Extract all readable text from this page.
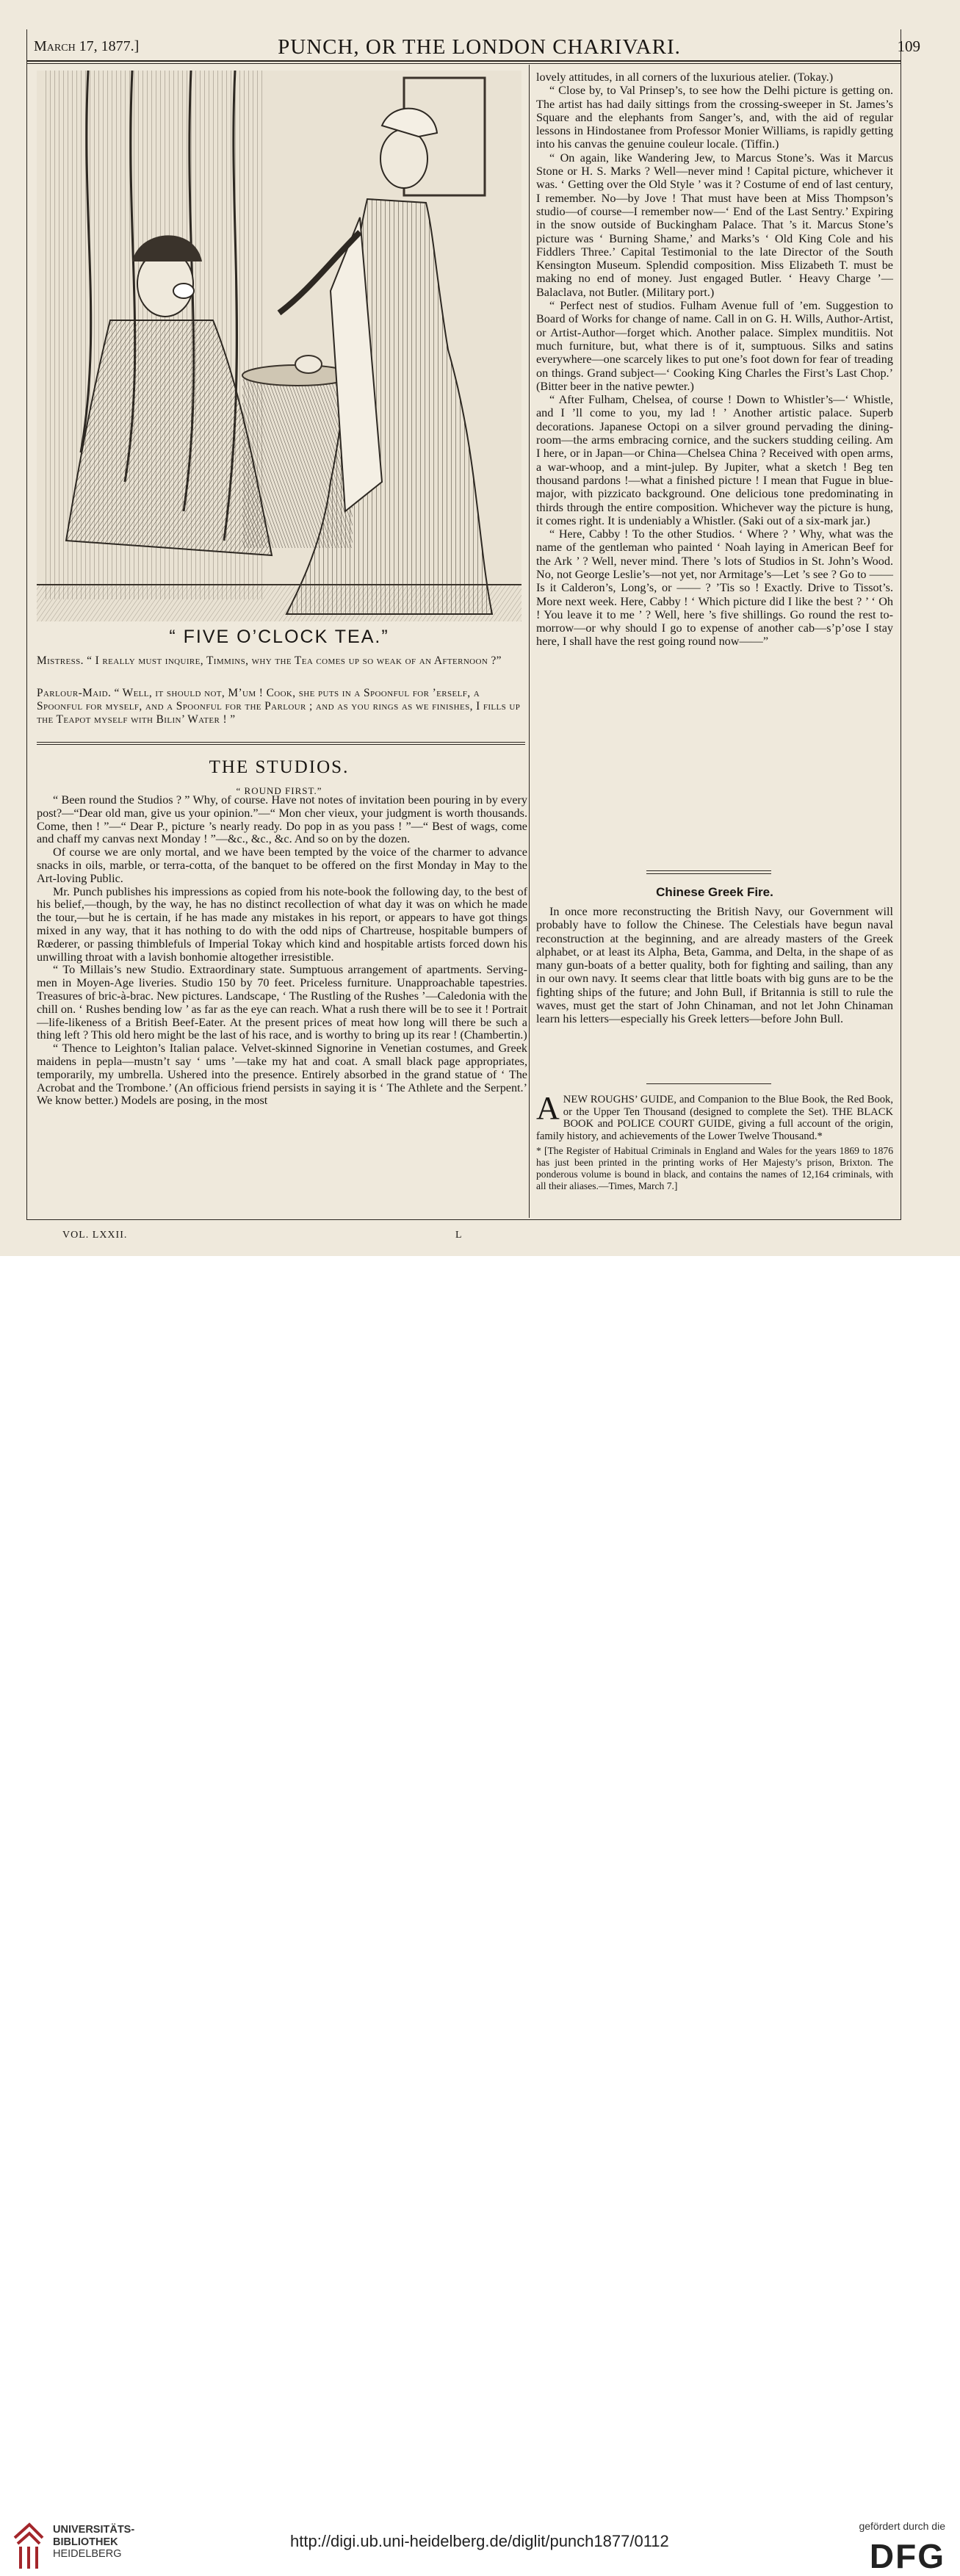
March 17, 1877.]	PUNCH, OR THE LONDON CHARIVARI.	109
“ FIVE O’CLOCK TEA.”
Mistress. “ I really must inquire, Timmins, why the Tea comes up so weak of an Afternoon ?”
Parlour-Maid. “ Well, it should not, M’um ! Cook, she puts in a Spoonful for ’erself, a Spoonful for myself, and a Spoonful for the Parlour ; and as you rings as we finishes, I fills up the Teapot myself with Bilin’ Water ! ”
THE STUDIOS.
“ ROUND FIRST.”

“ Been round the Studios ? ” Why, of course. Have not notes of invitation been pouring in by every post?—“Dear old man, give us your opinion.”—“ Mon cher vieux, your judgment is worth thousands. Come, then ! ”—“ Dear P., picture ’s nearly ready. Do pop in as you pass ! ”—“ Best of wags, come and chaff my canvas next Monday ! ”—&c., &c., &c. And so on by the dozen.

Of course we are only mortal, and we have been tempted by the voice of the charmer to advance snacks in oils, marble, or terra-cotta, of the banquet to be offered on the first Monday in May to the Art-loving Public.

Mr. Punch publishes his impressions as copied from his note-book the following day, to the best of his belief,—though, by the way, he has no distinct recollection of what day it was on which he made the tour,—but he is certain, if he has made any mistakes in his report, or appears to have got things mixed in any way, that it has nothing to do with the odd nips of Chartreuse, hospitable bumpers of Rœderer, or passing thimblefuls of Imperial Tokay which kind and hospitable artists forced down his unwilling throat with a lavish bonhomie altogether irresistible.

“ To Millais’s new Studio. Extraordinary state. Sumptuous arrangement of apartments. Serving-men in Moyen-Age liveries. Studio 150 by 70 feet. Priceless furniture. Unapproachable tapestries. Treasures of bric-à-brac. New pictures. Landscape, ‘ The Rustling of the Rushes ’—Caledonia with the chill on. ‘ Rushes bending low ’ as far as the eye can reach. What a rush there will be to see it ! Portrait—life-likeness of a British Beef-Eater. At the present prices of meat how long will there be such a thing left ? This old hero might be the last of his race, and is worthy to bring up its rear ! (Chambertin.)

“ Thence to Leighton’s Italian palace. Velvet-skinned Signorine in Venetian costumes, and Greek maidens in pepla—mustn’t say ‘ ums ’—take my hat and coat. A small black page appropriates, temporarily, my umbrella. Ushered into the presence. Entirely absorbed in the grand statue of ‘ The Acrobat and the Trombone.’ (An officious friend persists in saying it is ‘ The Athlete and the Serpent.’ We know better.) Models are posing, in the most

lovely attitudes, in all corners of the luxurious atelier. (Tokay.)

“ Close by, to Val Prinsep’s, to see how the Delhi picture is getting on. The artist has had daily sittings from the crossing-sweeper in St. James’s Square and the elephants from Sanger’s, and, with the aid of regular lessons in Hindostanee from Professor Monier Williams, is rapidly getting into his canvas the genuine couleur locale. (Tiffin.)

“ On again, like Wandering Jew, to Marcus Stone’s. Was it Marcus Stone or H. S. Marks ? Well—never mind ! Capital picture, whichever it was. ‘ Getting over the Old Style ’ was it ? Costume of end of last century, I remember. No—by Jove ! That must have been at Miss Thompson’s studio—of course—I remember now—‘ End of the Last Sentry.’ Expiring in the snow outside of Buckingham Palace. That ’s it. Marcus Stone’s picture was ‘ Burning Shame,’ and Marks’s ‘ Old King Cole and his Fiddlers Three.’ Capital Testimonial to the late Director of the South Kensington Museum. Splendid composition. Miss Elizabeth T. must be making no end of money. Just engaged Butler. ‘ Heavy Charge ’—Balaclava, not Butler. (Military port.)

“ Perfect nest of studios. Fulham Avenue full of ’em. Suggestion to Board of Works for change of name. Call in on G. H. Wills, Author-Artist, or Artist-Author—forget which. Another palace. Simplex munditiis. Not much furniture, but, what there is of it, sumptuous. Silks and satins everywhere—one scarcely likes to put one’s foot down for fear of treading on things. Grand subject—‘ Cooking King Charles the First’s Last Chop.’ (Bitter beer in the native pewter.)

“ After Fulham, Chelsea, of course ! Down to Whistler’s—‘ Whistle, and I ’ll come to you, my lad ! ’ Another artistic palace. Superb decorations. Japanese Octopi on a silver ground pervading the dining-room—the arms embracing cornice, and the suckers studding ceiling. Am I here, or in Japan—or China—Chelsea China ? Received with open arms, a war-whoop, and a mint-julep. By Jupiter, what a sketch ! Beg ten thousand pardons !—what a finished picture ! I mean that Fugue in blue-major, with pizzicato background. One delicious tone predominating in thirds through the entire composition. Whichever way the picture is hung, it comes right. It is undeniably a Whistler. (Saki out of a six-mark jar.)

“ Here, Cabby ! To the other Studios. ‘ Where ? ’ Why, what was the name of the gentleman who painted ‘ Noah laying in American Beef for the Ark ’ ? Well, never mind. There ’s lots of Studios in St. John’s Wood. No, not George Leslie’s—not yet, nor Armitage’s—Let ’s see ? Go to —— Is it Calderon’s, Long’s, or —— ? ’Tis so ! Exactly. Drive to Tissot’s. More next week. Here, Cabby ! ‘ Which picture did I like the best ? ’ ‘ Oh ! You leave it to me ’ ? Well, here ’s five shillings. Go round the rest to-morrow—or why should I go to expense of another cab—s’p’ose I stay here, I shall have the rest going round now——”

Chinese Greek Fire.

In once more reconstructing the British Navy, our Government will probably have to follow the Chinese. The Celestials have begun naval reconstruction at the beginning, and are already masters of the Greek alphabet, or at least its Alpha, Beta, Gamma, and Delta, in the shape of as many gun-boats of a better quality, both for fighting and sailing, than any in our own navy. It seems clear that little boats with big guns are to be the fighting ships of the future; and John Bull, if Britannia is still to rule the waves, must get the start of John Chinaman, and not let John Chinaman learn his letters—especially his Greek letters—before John Bull.

A NEW ROUGHS’ GUIDE, and Companion to the Blue Book, the Red Book, or the Upper Ten Thousand (designed to complete the Set). THE BLACK BOOK and POLICE COURT GUIDE, giving a full account of the origin, family history, and achievements of the Lower Twelve Thousand.*
* [The Register of Habitual Criminals in England and Wales for the years 1869 to 1876 has just been printed in the printing works of Her Majesty’s prison, Brixton. The ponderous volume is bound in black, and contains the names of 12,164 criminals, with all their aliases.—Times, March 7.]
VOL. LXXII.	L
UNIVERSITÄTS-
BIBLIOTHEK
HEIDELBERG
http://digi.ub.uni-heidelberg.de/diglit/punch1877/0112
gefördert durch die
DFG
